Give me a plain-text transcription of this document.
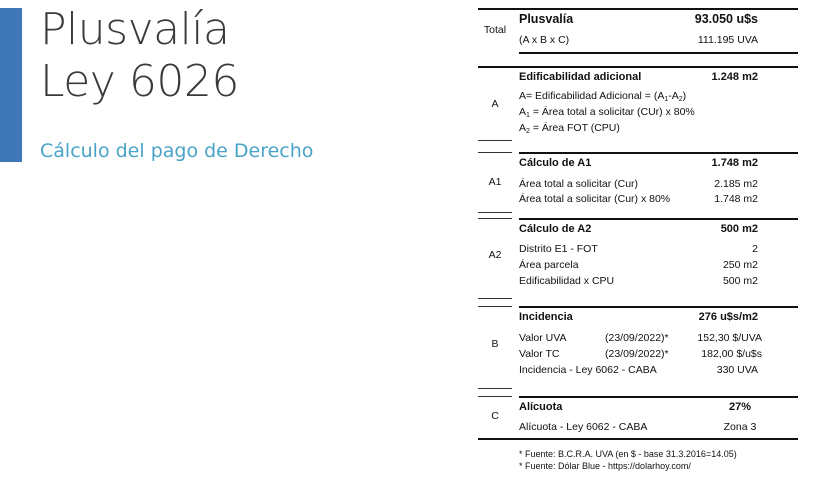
Plusvalía
Ley 6026
Cálculo del pago de Derecho
Total
Plusvalía	93.050 u$s
(A x B x C)	111.195 UVA
A
Edificabilidad adicional	1.248 m2
A= Edificabilidad Adicional = $(A_1-A_2)$
$A_1$ = Área total a solicitar (CUr) x 80%
$A_2$ = Área FOT (CPU)
A1
Cálculo de A1	1.748 m2
Área total a solicitar (Cur)	2.185 m2
Área total a solicitar (Cur) x 80%	1.748 m2
A2
Cálculo de A2	500 m2
Distrito E1 - FOT	2
Área parcela	250 m2
Edificabilidad x CPU	500 m2
B
Incidencia	276 u$s/m2
Valor UVA	(23/09/2022)*	152,30 $/UVA
Valor TC	(23/09/2022)*	182,00 $/u$s
Incidencia - Ley 6062 - CABA	330 UVA
C
Alícuota	27%
Alícuota - Ley 6062 - CABA	Zona 3
* Fuente: B.C.R.A. UVA (en $ - base 31.3.2016=14.05)
* Fuente: Dólar Blue - https://dolarhoy.com/
